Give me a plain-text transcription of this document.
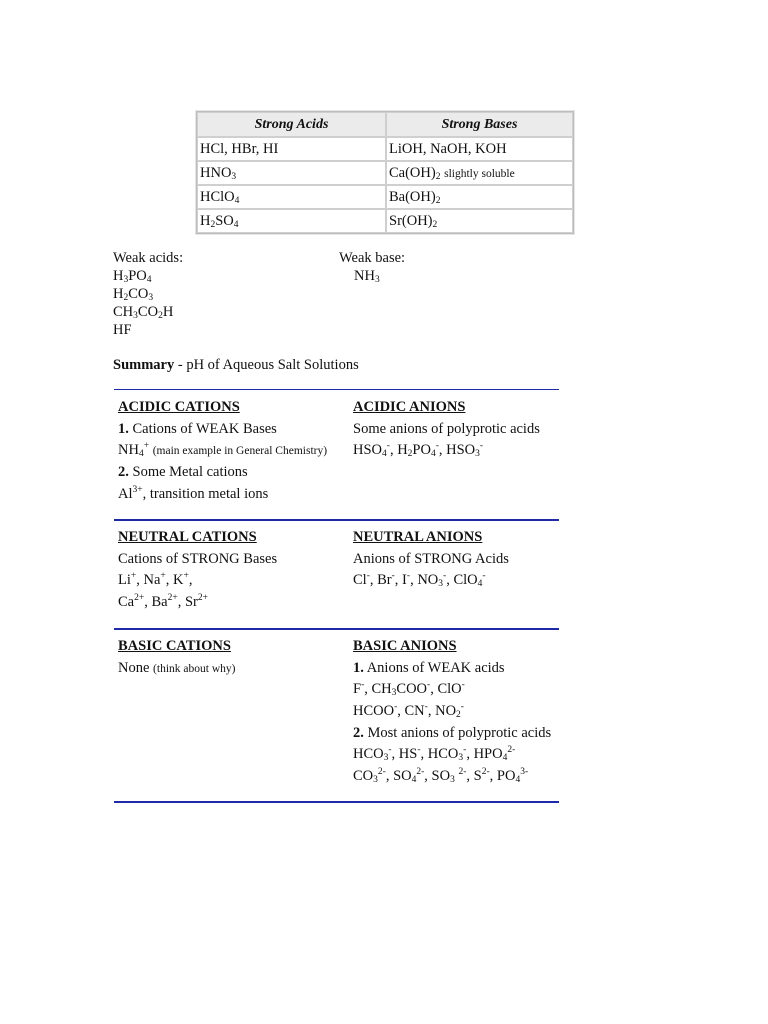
Strong Acids	Strong Bases
HCl, HBr, HI	LiOH, NaOH, KOH
$HNO_3$	$Ca(OH)_2$ slightly soluble
HClO$_4$	$Ba(OH)_2$
$H_2SO_4$	$Sr(OH)_2$
Weak acids:
$H_3PO_4$
$H_2CO_3$
$CH_3CO_2H$
HF
Weak base:
$NH_3$
Summary - pH of Aqueous Salt Solutions
ACIDIC CATIONS
1. Cations of WEAK Bases
$NH_4^+$ (main example in General Chemistry)
2. Some Metal cations
$Al^{3+}$, transition metal ions
ACIDIC ANIONS
Some anions of polyprotic acids
$HSO_4^-$, $H_2PO_4^-$, $HSO_3^-$
NEUTRAL CATIONS
Cations of STRONG Bases
Li+, Na+, K+,
$Ca^{2+}$, $Ba^{2+}$, $Sr^{2+}$
NEUTRAL ANIONS
Anions of STRONG Acids
Cl-, Br-, I-, $NO_3^-$, ClO$_4$-
BASIC CATIONS
None (think about why)
BASIC ANIONS
1. Anions of WEAK acids
F-, $CH_3COO^-$, ClO-
HCOO-, CN-, $NO_2^-$
2. Most anions of polyprotic acids
$HCO_3^-$, HS-, $HCO_3^-$, $HPO_4^{2-}$
$CO_3^{2-}$, $SO_4^{2-}$, $SO_3$ $^{2-}$, $S^{2-}$, $PO_4^{3-}$
